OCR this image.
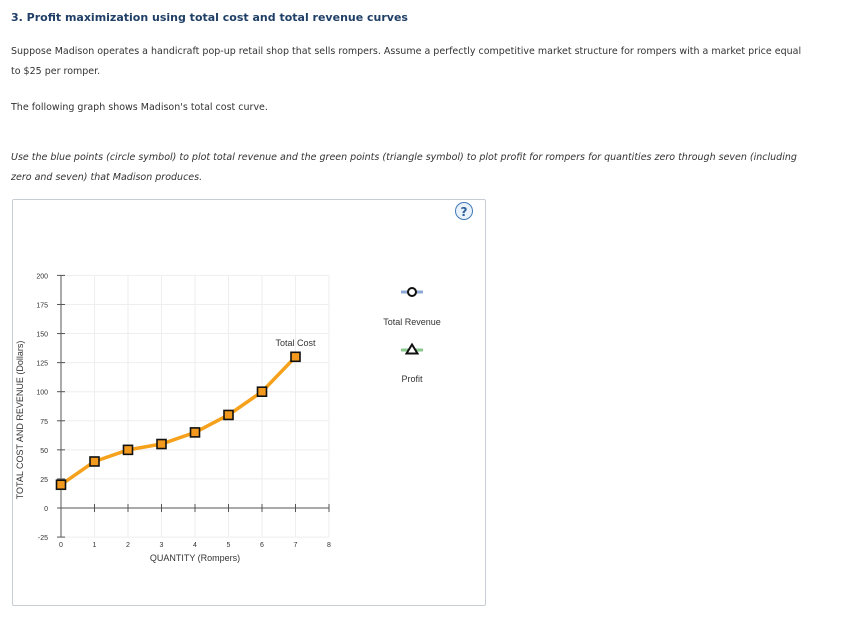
3. Profit maximization using total cost and total revenue curves

Suppose Madison operates a handicraft pop-up retail shop that sells rompers. Assume a perfectly competitive market structure for rompers with a market price equal to $25 per romper.

The following graph shows Madison's total cost curve.

Use the blue points (circle symbol) to plot total revenue and the green points (triangle symbol) to plot profit for rompers for quantities zero through seven (including zero and seven) that Madison produces.

?
-25
0
25
50
75
100
125
150
175
200
0	1	2	3	4	5	6	7	8
Total Cost
TOTAL COST AND REVENUE (Dollars)
QUANTITY (Rompers)
Total Revenue
Profit
